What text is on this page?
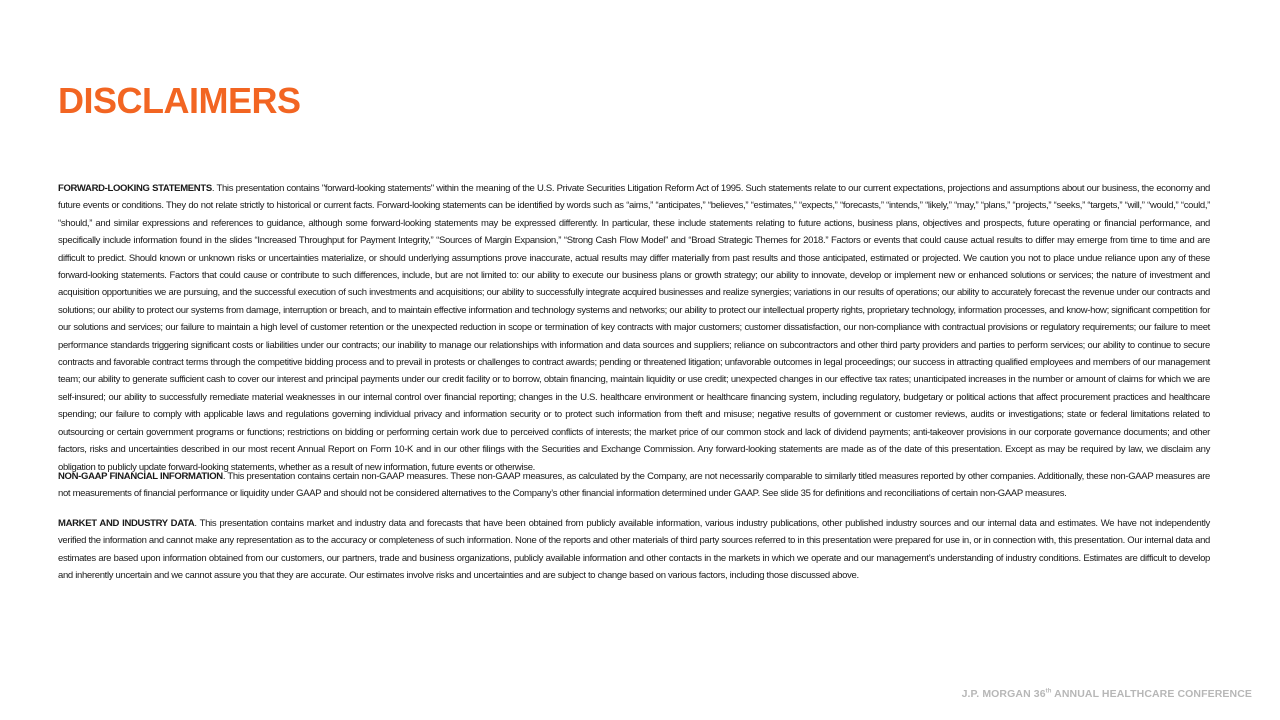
DISCLAIMERS

FORWARD-LOOKING STATEMENTS. This presentation contains "forward-looking statements" within the meaning of the U.S. Private Securities Litigation Reform Act of 1995. Such statements relate to our current expectations, projections and assumptions about our business, the economy and future events or conditions. They do not relate strictly to historical or current facts. Forward-looking statements can be identified by words such as “aims,” “anticipates,” “believes,” “estimates,” “expects,” “forecasts,” “intends,” “likely,” “may,” “plans,” “projects,” “seeks,” “targets,” “will,” “would,” “could,” “should,” and similar expressions and references to guidance, although some forward-looking statements may be expressed differently. In particular, these include statements relating to future actions, business plans, objectives and prospects, future operating or financial performance, and specifically include information found in the slides “Increased Throughput for Payment Integrity,” “Sources of Margin Expansion,” “Strong Cash Flow Model” and “Broad Strategic Themes for 2018.” Factors or events that could cause actual results to differ may emerge from time to time and are difficult to predict. Should known or unknown risks or uncertainties materialize, or should underlying assumptions prove inaccurate, actual results may differ materially from past results and those anticipated, estimated or projected. We caution you not to place undue reliance upon any of these forward-looking statements. Factors that could cause or contribute to such differences, include, but are not limited to: our ability to execute our business plans or growth strategy; our ability to innovate, develop or implement new or enhanced solutions or services; the nature of investment and acquisition opportunities we are pursuing, and the successful execution of such investments and acquisitions; our ability to successfully integrate acquired businesses and realize synergies; variations in our results of operations; our ability to accurately forecast the revenue under our contracts and solutions; our ability to protect our systems from damage, interruption or breach, and to maintain effective information and technology systems and networks; our ability to protect our intellectual property rights, proprietary technology, information processes, and know-how; significant competition for our solutions and services; our failure to maintain a high level of customer retention or the unexpected reduction in scope or termination of key contracts with major customers; customer dissatisfaction, our non-compliance with contractual provisions or regulatory requirements; our failure to meet performance standards triggering significant costs or liabilities under our contracts; our inability to manage our relationships with information and data sources and suppliers; reliance on subcontractors and other third party providers and parties to perform services; our ability to continue to secure contracts and favorable contract terms through the competitive bidding process and to prevail in protests or challenges to contract awards; pending or threatened litigation; unfavorable outcomes in legal proceedings; our success in attracting qualified employees and members of our management team; our ability to generate sufficient cash to cover our interest and principal payments under our credit facility or to borrow, obtain financing, maintain liquidity or use credit; unexpected changes in our effective tax rates; unanticipated increases in the number or amount of claims for which we are self-insured; our ability to successfully remediate material weaknesses in our internal control over financial reporting; changes in the U.S. healthcare environment or healthcare financing system, including regulatory, budgetary or political actions that affect procurement practices and healthcare spending; our failure to comply with applicable laws and regulations governing individual privacy and information security or to protect such information from theft and misuse; negative results of government or customer reviews, audits or investigations; state or federal limitations related to outsourcing or certain government programs or functions; restrictions on bidding or performing certain work due to perceived conflicts of interests; the market price of our common stock and lack of dividend payments; anti-takeover provisions in our corporate governance documents; and other factors, risks and uncertainties described in our most recent Annual Report on Form 10-K and in our other filings with the Securities and Exchange Commission. Any forward-looking statements are made as of the date of this presentation. Except as may be required by law, we disclaim any obligation to publicly update forward-looking statements, whether as a result of new information, future events or otherwise.

NON-GAAP FINANCIAL INFORMATION. This presentation contains certain non-GAAP measures. These non-GAAP measures, as calculated by the Company, are not necessarily comparable to similarly titled measures reported by other companies. Additionally, these non-GAAP measures are not measurements of financial performance or liquidity under GAAP and should not be considered alternatives to the Company’s other financial information determined under GAAP. See slide 35 for definitions and reconciliations of certain non-GAAP measures.

MARKET AND INDUSTRY DATA. This presentation contains market and industry data and forecasts that have been obtained from publicly available information, various industry publications, other published industry sources and our internal data and estimates. We have not independently verified the information and cannot make any representation as to the accuracy or completeness of such information. None of the reports and other materials of third party sources referred to in this presentation were prepared for use in, or in connection with, this presentation. Our internal data and estimates are based upon information obtained from our customers, our partners, trade and business organizations, publicly available information and other contacts in the markets in which we operate and our management’s understanding of industry conditions. Estimates are difficult to develop and inherently uncertain and we cannot assure you that they are accurate. Our estimates involve risks and uncertainties and are subject to change based on various factors, including those discussed above.

J.P. MORGAN 36th ANNUAL HEALTHCARE CONFERENCE
